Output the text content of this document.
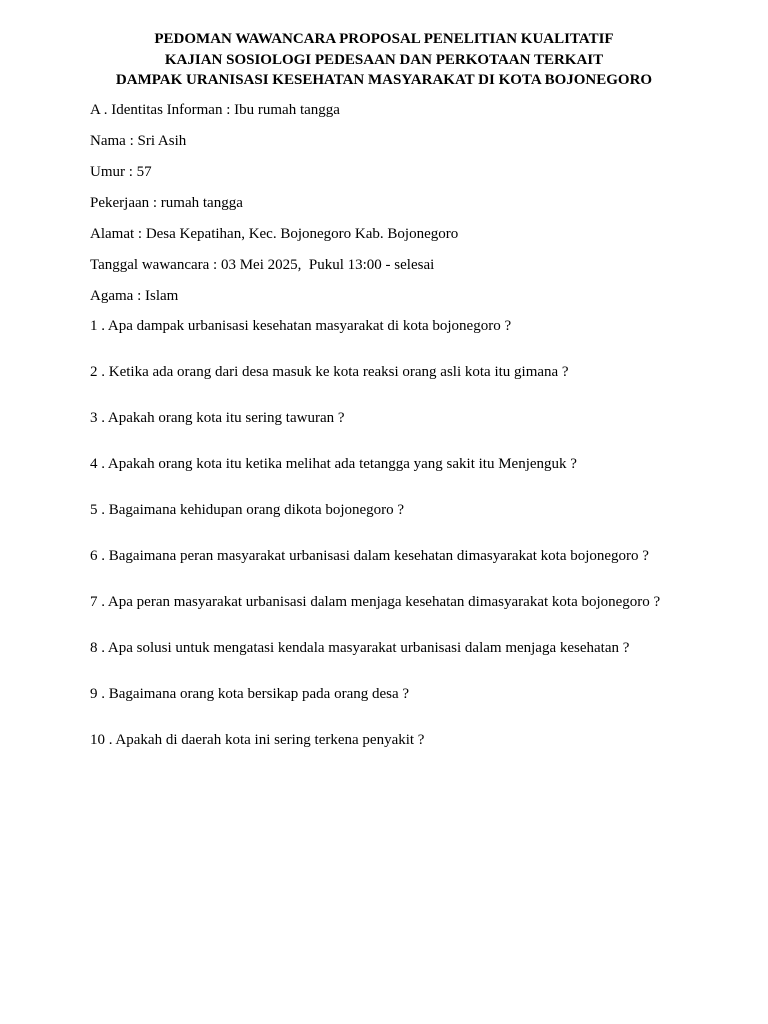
PEDOMAN WAWANCARA PROPOSAL PENELITIAN KUALITATIF
KAJIAN SOSIOLOGI PEDESAAN DAN PERKOTAAN TERKAIT
DAMPAK URANISASI KESEHATAN MASYARAKAT DI KOTA BOJONEGORO
A . Identitas Informan : Ibu rumah tangga
Nama : Sri Asih
Umur : 57
Pekerjaan : rumah tangga
Alamat : Desa Kepatihan, Kec. Bojonegoro Kab. Bojonegoro
Tanggal wawancara : 03 Mei 2025,  Pukul 13:00 - selesai
Agama : Islam
1 . Apa dampak urbanisasi kesehatan masyarakat di kota bojonegoro ?
2 . Ketika ada orang dari desa masuk ke kota reaksi orang asli kota itu gimana ?
3 . Apakah orang kota itu sering tawuran ?
4 . Apakah orang kota itu ketika melihat ada tetangga yang sakit itu Menjenguk ?
5 . Bagaimana kehidupan orang dikota bojonegoro ?
6 . Bagaimana peran masyarakat urbanisasi dalam kesehatan dimasyarakat kota bojonegoro ?
7 . Apa peran masyarakat urbanisasi dalam menjaga kesehatan dimasyarakat kota bojonegoro ?
8 . Apa solusi untuk mengatasi kendala masyarakat urbanisasi dalam menjaga kesehatan ?
9 . Bagaimana orang kota bersikap pada orang desa ?
10 . Apakah di daerah kota ini sering terkena penyakit ?
